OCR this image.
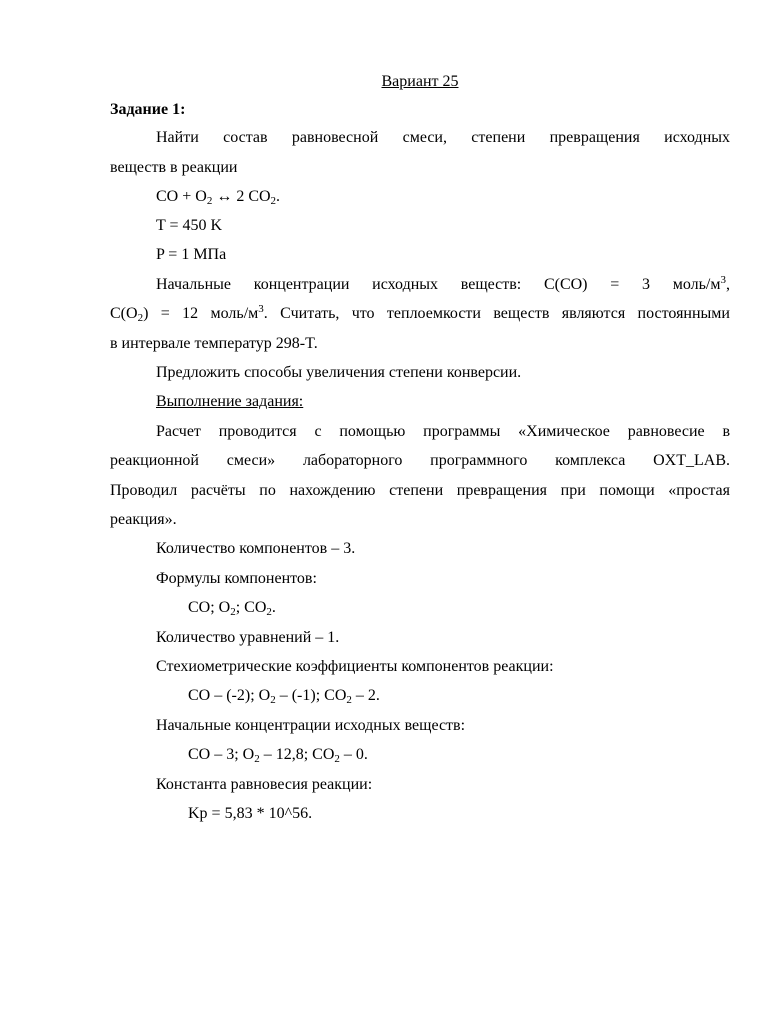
Вариант 25
Задание 1:
Найти состав равновесной смеси, степени превращения исходных
веществ в реакции
CO + $O_2$ ↔ 2 $CO_2$.
T = 450 K
P = 1 МПа
Начальные концентрации исходных веществ: C(CO) = 3 моль/$м^3$,
$C(O_2) = 12$ моль/$м^3$. Считать, что теплоемкости веществ являются постоянными
в интервале температур 298-T.
Предложить способы увеличения степени конверсии.
Выполнение задания:
Расчет проводится с помощью программы «Химическое равновесие в
реакционной смеси» лабораторного программного комплекса OXT_LAB.
Проводил расчёты по нахождению степени превращения при помощи «простая
реакция».
Количество компонентов – 3.
Формулы компонентов:
CO; $O_2$; $CO_2$.
Количество уравнений – 1.
Стехиометрические коэффициенты компонентов реакции:
CO – (-2); $O_2 - (-1)$; $CO_2 - 2$.
Начальные концентрации исходных веществ:
CO – 3; $O_2 - 12,8$; $CO_2 - 0$.
Константа равновесия реакции:
Kp = 5,83 * 10^56.
